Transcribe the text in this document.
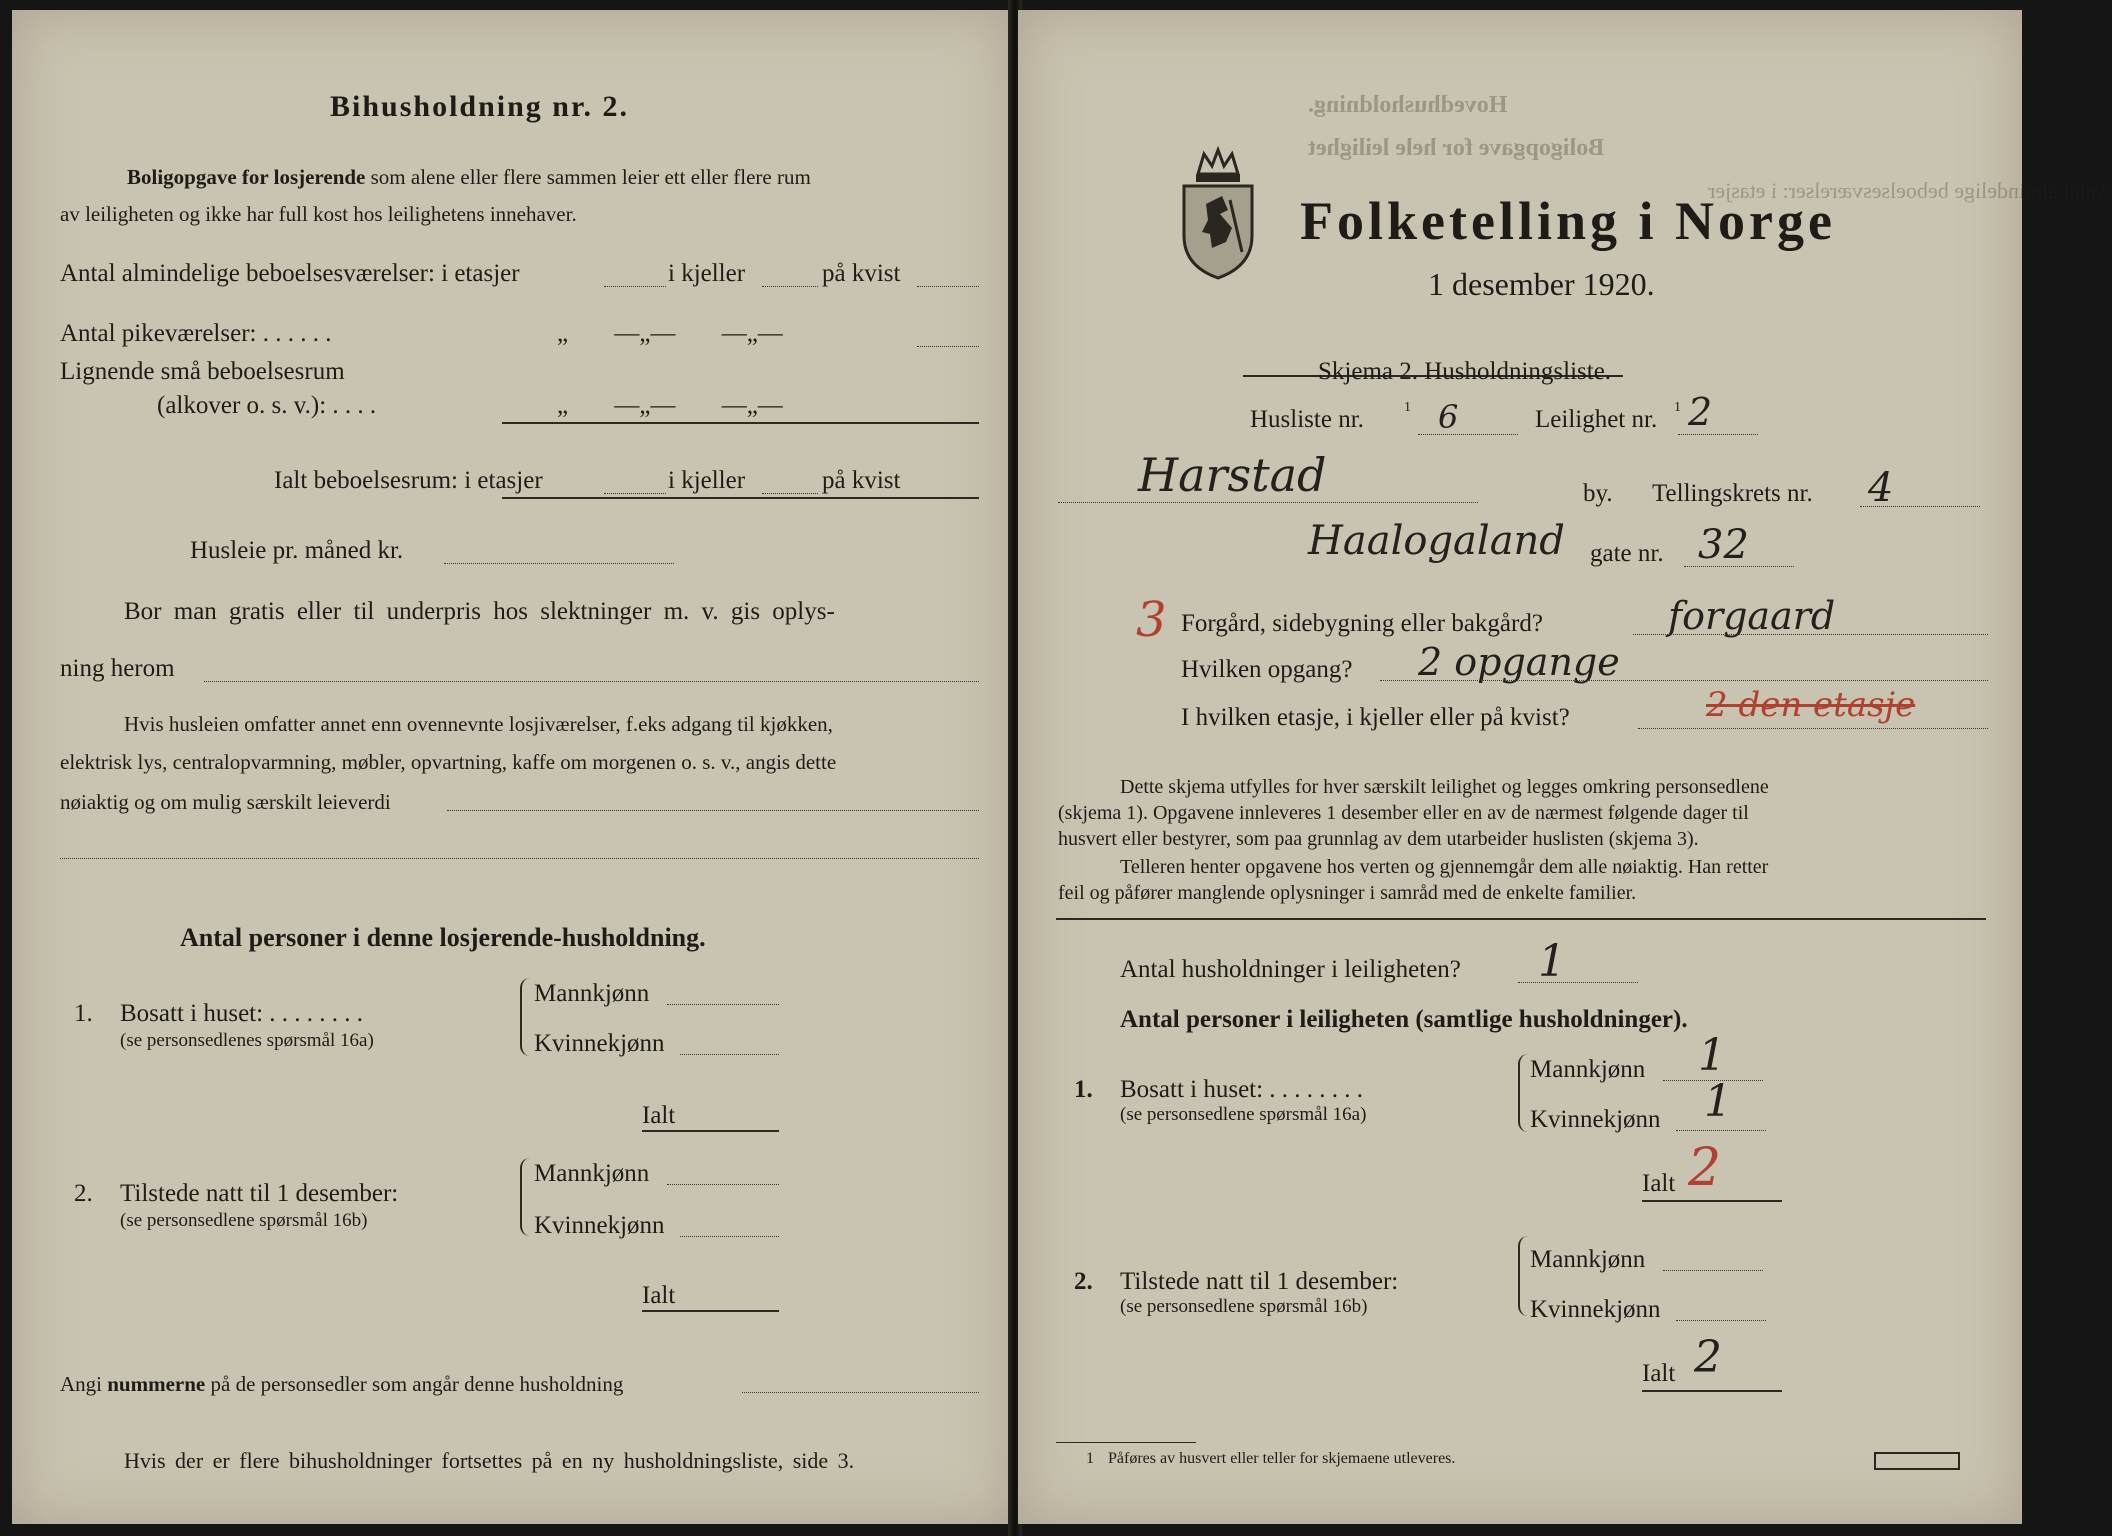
Bihusholdning nr. 2.
Boligopgave for losjerende som alene eller flere sammen leier ett eller flere rum
av leiligheten og ikke har full kost hos leilighetens innehaver.
Antal almindelige beboelsesværelser: i etasjer	i kjeller	på kvist
Antal pikeværelser: . . . . . .	„ —„— —„—
Lignende små beboelsesrum
(alkover o. s. v.): . . . .	„ —„— —„—
Ialt beboelsesrum: i etasjer	i kjeller	på kvist
Husleie pr. måned kr.
Bor man gratis eller til underpris hos slektninger m. v. gis oplys-
ning herom
Hvis husleien omfatter annet enn ovennevnte losjiværelser, f.eks adgang til kjøkken,
elektrisk lys, centralopvarmning, møbler, opvartning, kaffe om morgenen o. s. v., angis dette
nøiaktig og om mulig særskilt leieverdi
Antal personer i denne losjerende-husholdning.
1. Bosatt i huset: . . . . . . . .
(se personsedlenes spørsmål 16a)
Mannkjønn
Kvinnekjønn
Ialt
2. Tilstede natt til 1 desember:
(se personsedlene spørsmål 16b)
Mannkjønn
Kvinnekjønn
Ialt
Angi nummerne på de personsedler som angår denne husholdning
Hvis der er flere bihusholdninger fortsettes på en ny husholdningsliste, side 3.
Hovedhusholdning.
Boligopgave for hele leilighet
Antal almindelige beboelsesværelser: i etasjer
Folketelling i Norge
1 desember 1920.
Skjema 2. Husholdningsliste.
Husliste nr.	1 6	Leilighet nr. 1 2
Harstad	by. Tellingskrets nr. 4
Haalogaland gate nr. 32
3 Forgård, sidebygning eller bakgård?	forgaard
Hvilken opgang? 2 opgange
I hvilken etasje, i kjeller eller på kvist?	2 den etasje
Dette skjema utfylles for hver særskilt leilighet og legges omkring personsedlene
(skjema 1). Opgavene innleveres 1 desember eller en av de nærmest følgende dager til
husvert eller bestyrer, som paa grunnlag av dem utarbeider huslisten (skjema 3).
Telleren henter opgavene hos verten og gjennemgår dem alle nøiaktig. Han retter
feil og påfører manglende oplysninger i samråd med de enkelte familier.
Antal husholdninger i leiligheten? 1
Antal personer i leiligheten (samtlige husholdninger).
1. Bosatt i huset: . . . . . . . .
(se personsedlene spørsmål 16a)
Mannkjønn 1
Kvinnekjønn 1
Ialt 2
2. Tilstede natt til 1 desember:
(se personsedlene spørsmål 16b)
Mannkjønn
Kvinnekjønn
Ialt 2
1 Påføres av husvert eller teller for skjemaene utleveres.
